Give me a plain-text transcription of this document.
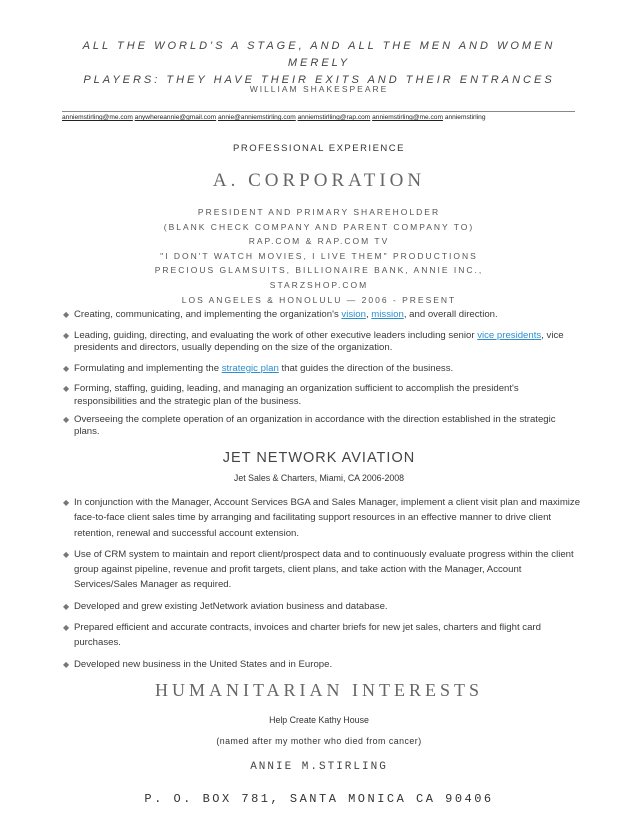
ALL THE WORLD'S A STAGE, AND ALL THE MEN AND WOMEN MERELY
PLAYERS: THEY HAVE THEIR EXITS AND THEIR ENTRANCES
WILLIAM SHAKESPEARE
anniemstirling@me.com anywhereannie@gmail.com annie@anniemstirling.com anniemstirlling@rap.com anniemstirling@me.com anniemstirling
PROFESSIONAL EXPERIENCE
A. CORPORATION
PRESIDENT AND PRIMARY SHAREHOLDER
(BLANK CHECK COMPANY AND PARENT COMPANY TO)
RAP.COM & RAP.COM TV
"I DON'T WATCH MOVIES, I LIVE THEM" PRODUCTIONS
PRECIOUS GLAMSUITS, BILLIONAIRE BANK, ANNIE INC.,
STARZSHOP.COM
LOS ANGELES & HONOLULU — 2006 - PRESENT
◆ Creating, communicating, and implementing the organization's vision, mission, and overall direction.
◆ Leading, guiding, directing, and evaluating the work of other executive leaders including senior vice presidents, vice presidents and directors, usually depending on the size of the organization.
◆ Formulating and implementing the strategic plan that guides the direction of the business.
◆ Forming, staffing, guiding, leading, and managing an organization sufficient to accomplish the president's responsibilities and the strategic plan of the business.
◆ Overseeing the complete operation of an organization in accordance with the direction established in the strategic plans.
JET NETWORK AVIATION
Jet Sales & Charters, Miami, CA 2006-2008
◆ In conjunction with the Manager, Account Services BGA and Sales Manager, implement a client visit plan and maximize face-to-face client sales time by arranging and facilitating support resources in an effective manner to drive client retention, renewal and successful account extension.
◆ Use of CRM system to maintain and report client/prospect data and to continuously evaluate progress within the client group against pipeline, revenue and profit targets, client plans, and take action with the Manager, Account Services/Sales Manager as required.
◆ Developed and grew existing JetNetwork aviation business and database.
◆ Prepared efficient and accurate contracts, invoices and charter briefs for new jet sales, charters and flight card purchases.
◆ Developed new business in the United States and in Europe.
HUMANITARIAN INTERESTS
Help Create Kathy House
(named after my mother who died from cancer)
ANNIE M.STIRLING
P. O. BOX 781, SANTA MONICA CA 90406
